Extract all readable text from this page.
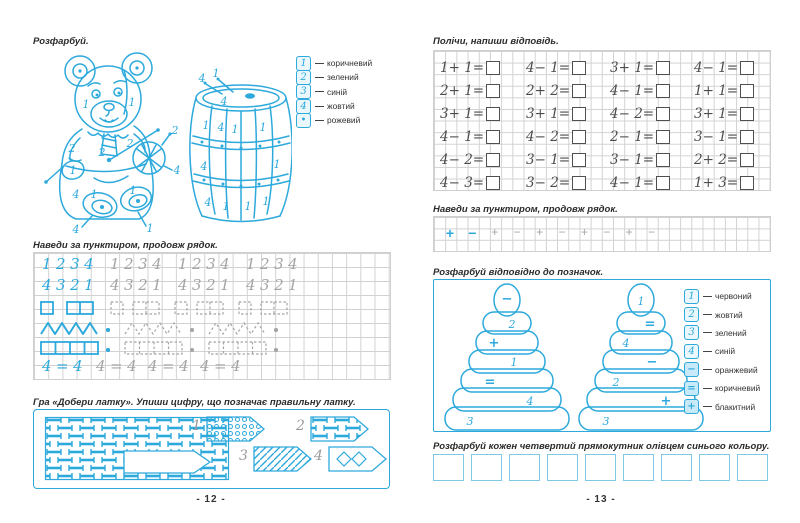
Розфарбуй.
1	1
2 2
2
1
2
4
4 1	1
4	1
4 1
4
1 4 1 1
4	1
4 1 1 1
1	коричневий
2	зелений
3	синій
4	жовтий
•	рожевий
Наведи за пунктиром, продовж рядок.
1234 1234 1234 1234
4321 4321 4321 4321
4=4 4=4 4=4 4=4
Гра «Добери латку». Упиши цифру, що позначає правильну латку.
1	2
3	4
- 12 -
Полічи, напиши відповідь.
1+ 1=	4− 1=	3+ 1=	4− 1=
2+ 1=	2+ 2=	4− 1=	1+ 1=
3+ 1=	3+ 1=	4− 2=	3+ 1=
4− 1=	4− 2=	2− 1=	3− 1=
4− 2=	3− 1=	3− 1=	2+ 2=
4− 3=	3− 2=	4− 1=	1+ 3=
Наведи за пунктиром, продовж рядок.
+ −	+	−	+	−	+	−	+	−
Розфарбуй відповідно до позначок.
−
2
+
1
=
4
3
1
=
4
−
2
+
3
1	червоний
2	жовтий
3	зелений
4	синій
−	оранжевий
=	коричневий
+	блакитний
Розфарбуй кожен четвертий прямокутник олівцем синього кольору.
- 13 -
